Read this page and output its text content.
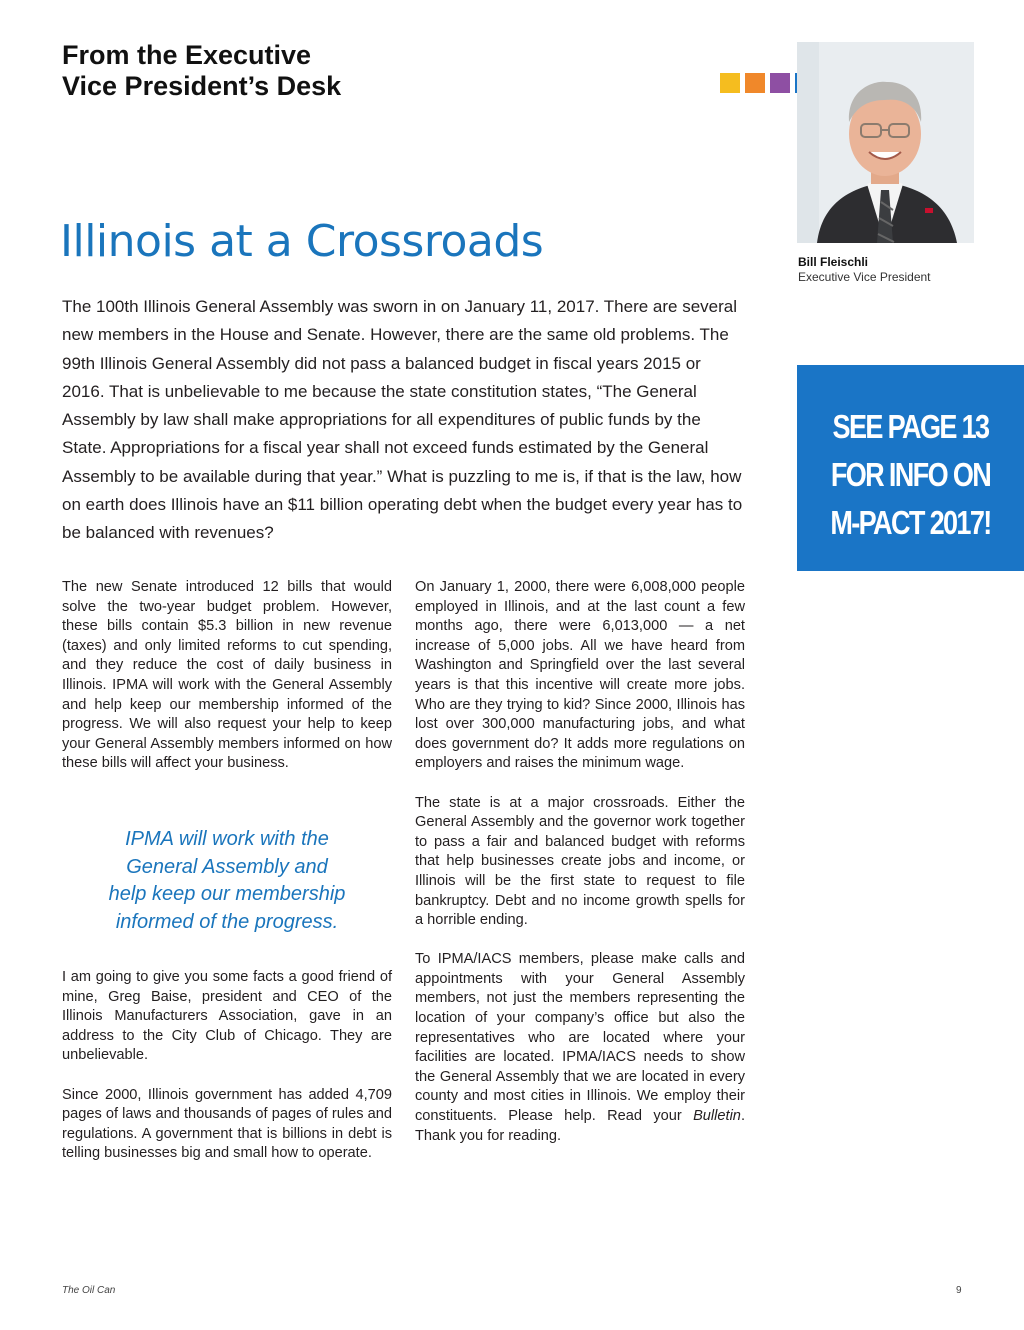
From the Executive
Vice President’s Desk
Bill Fleischli
Executive Vice President
Illinois at a Crossroads
The 100th Illinois General Assembly was sworn in on January 11, 2017. There are several new members in the House and Senate. However, there are the same old problems. The 99th Illinois General Assembly did not pass a balanced budget in fiscal years 2015 or 2016. That is unbelievable to me because the state constitution states, “The General Assembly by law shall make appropriations for all expenditures of public funds by the State. Appropriations for a fiscal year shall not exceed funds estimated by the General Assembly to be available during that year.” What is puzzling to me is, if that is the law, how on earth does Illinois have an $11 billion operating debt when the budget every year has to be balanced with revenues?
SEE PAGE 13
FOR INFO ON
M-PACT 2017!

The new Senate introduced 12 bills that would solve the two-year budget problem. However, these bills contain $5.3 billion in new revenue (taxes) and only limited reforms to cut spending, and they reduce the cost of daily business in Illinois. IPMA will work with the General Assembly and help keep our membership informed of the progress. We will also request your help to keep your General Assembly members informed on how these bills will affect your business.

IPMA will work with the
General Assembly and
help keep our membership
informed of the progress.

I am going to give you some facts a good friend of mine, Greg Baise, president and CEO of the Illinois Manufacturers Association, gave in an address to the City Club of Chicago. They are unbelievable.

Since 2000, Illinois government has added 4,709 pages of laws and thousands of pages of rules and regulations. A government that is billions in debt is telling businesses big and small how to operate.

On January 1, 2000, there were 6,008,000 people employed in Illinois, and at the last count a few months ago, there were 6,013,000 — a net increase of 5,000 jobs. All we have heard from Washington and Springfield over the last several years is that this incentive will create more jobs. Who are they trying to kid? Since 2000, Illinois has lost over 300,000 manufacturing jobs, and what does government do? It adds more regulations on employers and raises the minimum wage.

The state is at a major crossroads. Either the General Assembly and the governor work together to pass a fair and balanced budget with reforms that help businesses create jobs and income, or Illinois will be the first state to request to file bankruptcy. Debt and no income growth spells for a horrible ending.

To IPMA/IACS members, please make calls and appointments with your General Assembly members, not just the members representing the location of your company’s office but also the representatives who are located where your facilities are located. IPMA/IACS needs to show the General Assembly that we are located in every county and most cities in Illinois. We employ their constituents. Please help. Read your Bulletin. Thank you for reading.

The Oil Can	9
